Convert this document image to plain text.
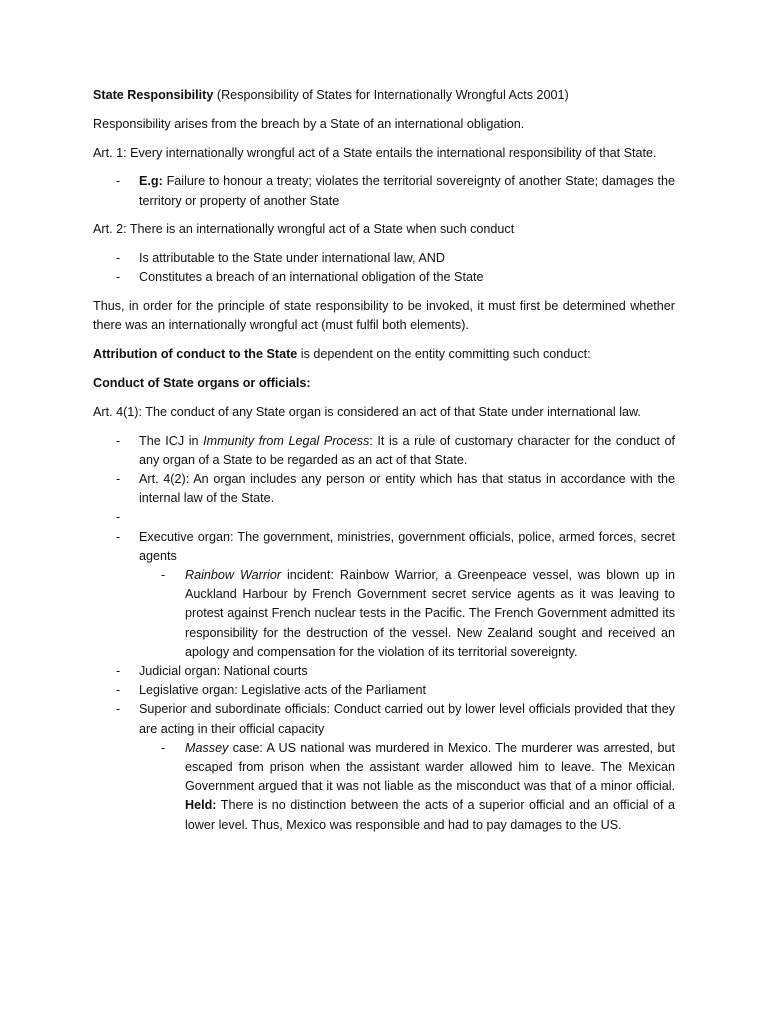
State Responsibility (Responsibility of States for Internationally Wrongful Acts 2001)

Responsibility arises from the breach by a State of an international obligation.

Art. 1: Every internationally wrongful act of a State entails the international responsibility of that State.

- E.g: Failure to honour a treaty; violates the territorial sovereignty of another State; damages the territory or property of another State

Art. 2: There is an internationally wrongful act of a State when such conduct

- Is attributable to the State under international law, AND
- Constitutes a breach of an international obligation of the State

Thus, in order for the principle of state responsibility to be invoked, it must first be determined whether there was an internationally wrongful act (must fulfil both elements).

Attribution of conduct to the State is dependent on the entity committing such conduct:

Conduct of State organs or officials:

Art. 4(1): The conduct of any State organ is considered an act of that State under international law.

- The ICJ in Immunity from Legal Process: It is a rule of customary character for the conduct of any organ of a State to be regarded as an act of that State.
- Art. 4(2): An organ includes any person or entity which has that status in accordance with the internal law of the State.
-
- Executive organ: The government, ministries, government officials, police, armed forces, secret agents
- Rainbow Warrior incident: Rainbow Warrior, a Greenpeace vessel, was blown up in Auckland Harbour by French Government secret service agents as it was leaving to protest against French nuclear tests in the Pacific. The French Government admitted its responsibility for the destruction of the vessel. New Zealand sought and received an apology and compensation for the violation of its territorial sovereignty.
- Judicial organ: National courts
- Legislative organ: Legislative acts of the Parliament
- Superior and subordinate officials: Conduct carried out by lower level officials provided that they are acting in their official capacity
- Massey case: A US national was murdered in Mexico. The murderer was arrested, but escaped from prison when the assistant warder allowed him to leave. The Mexican Government argued that it was not liable as the misconduct was that of a minor official. Held: There is no distinction between the acts of a superior official and an official of a lower level. Thus, Mexico was responsible and had to pay damages to the US.
